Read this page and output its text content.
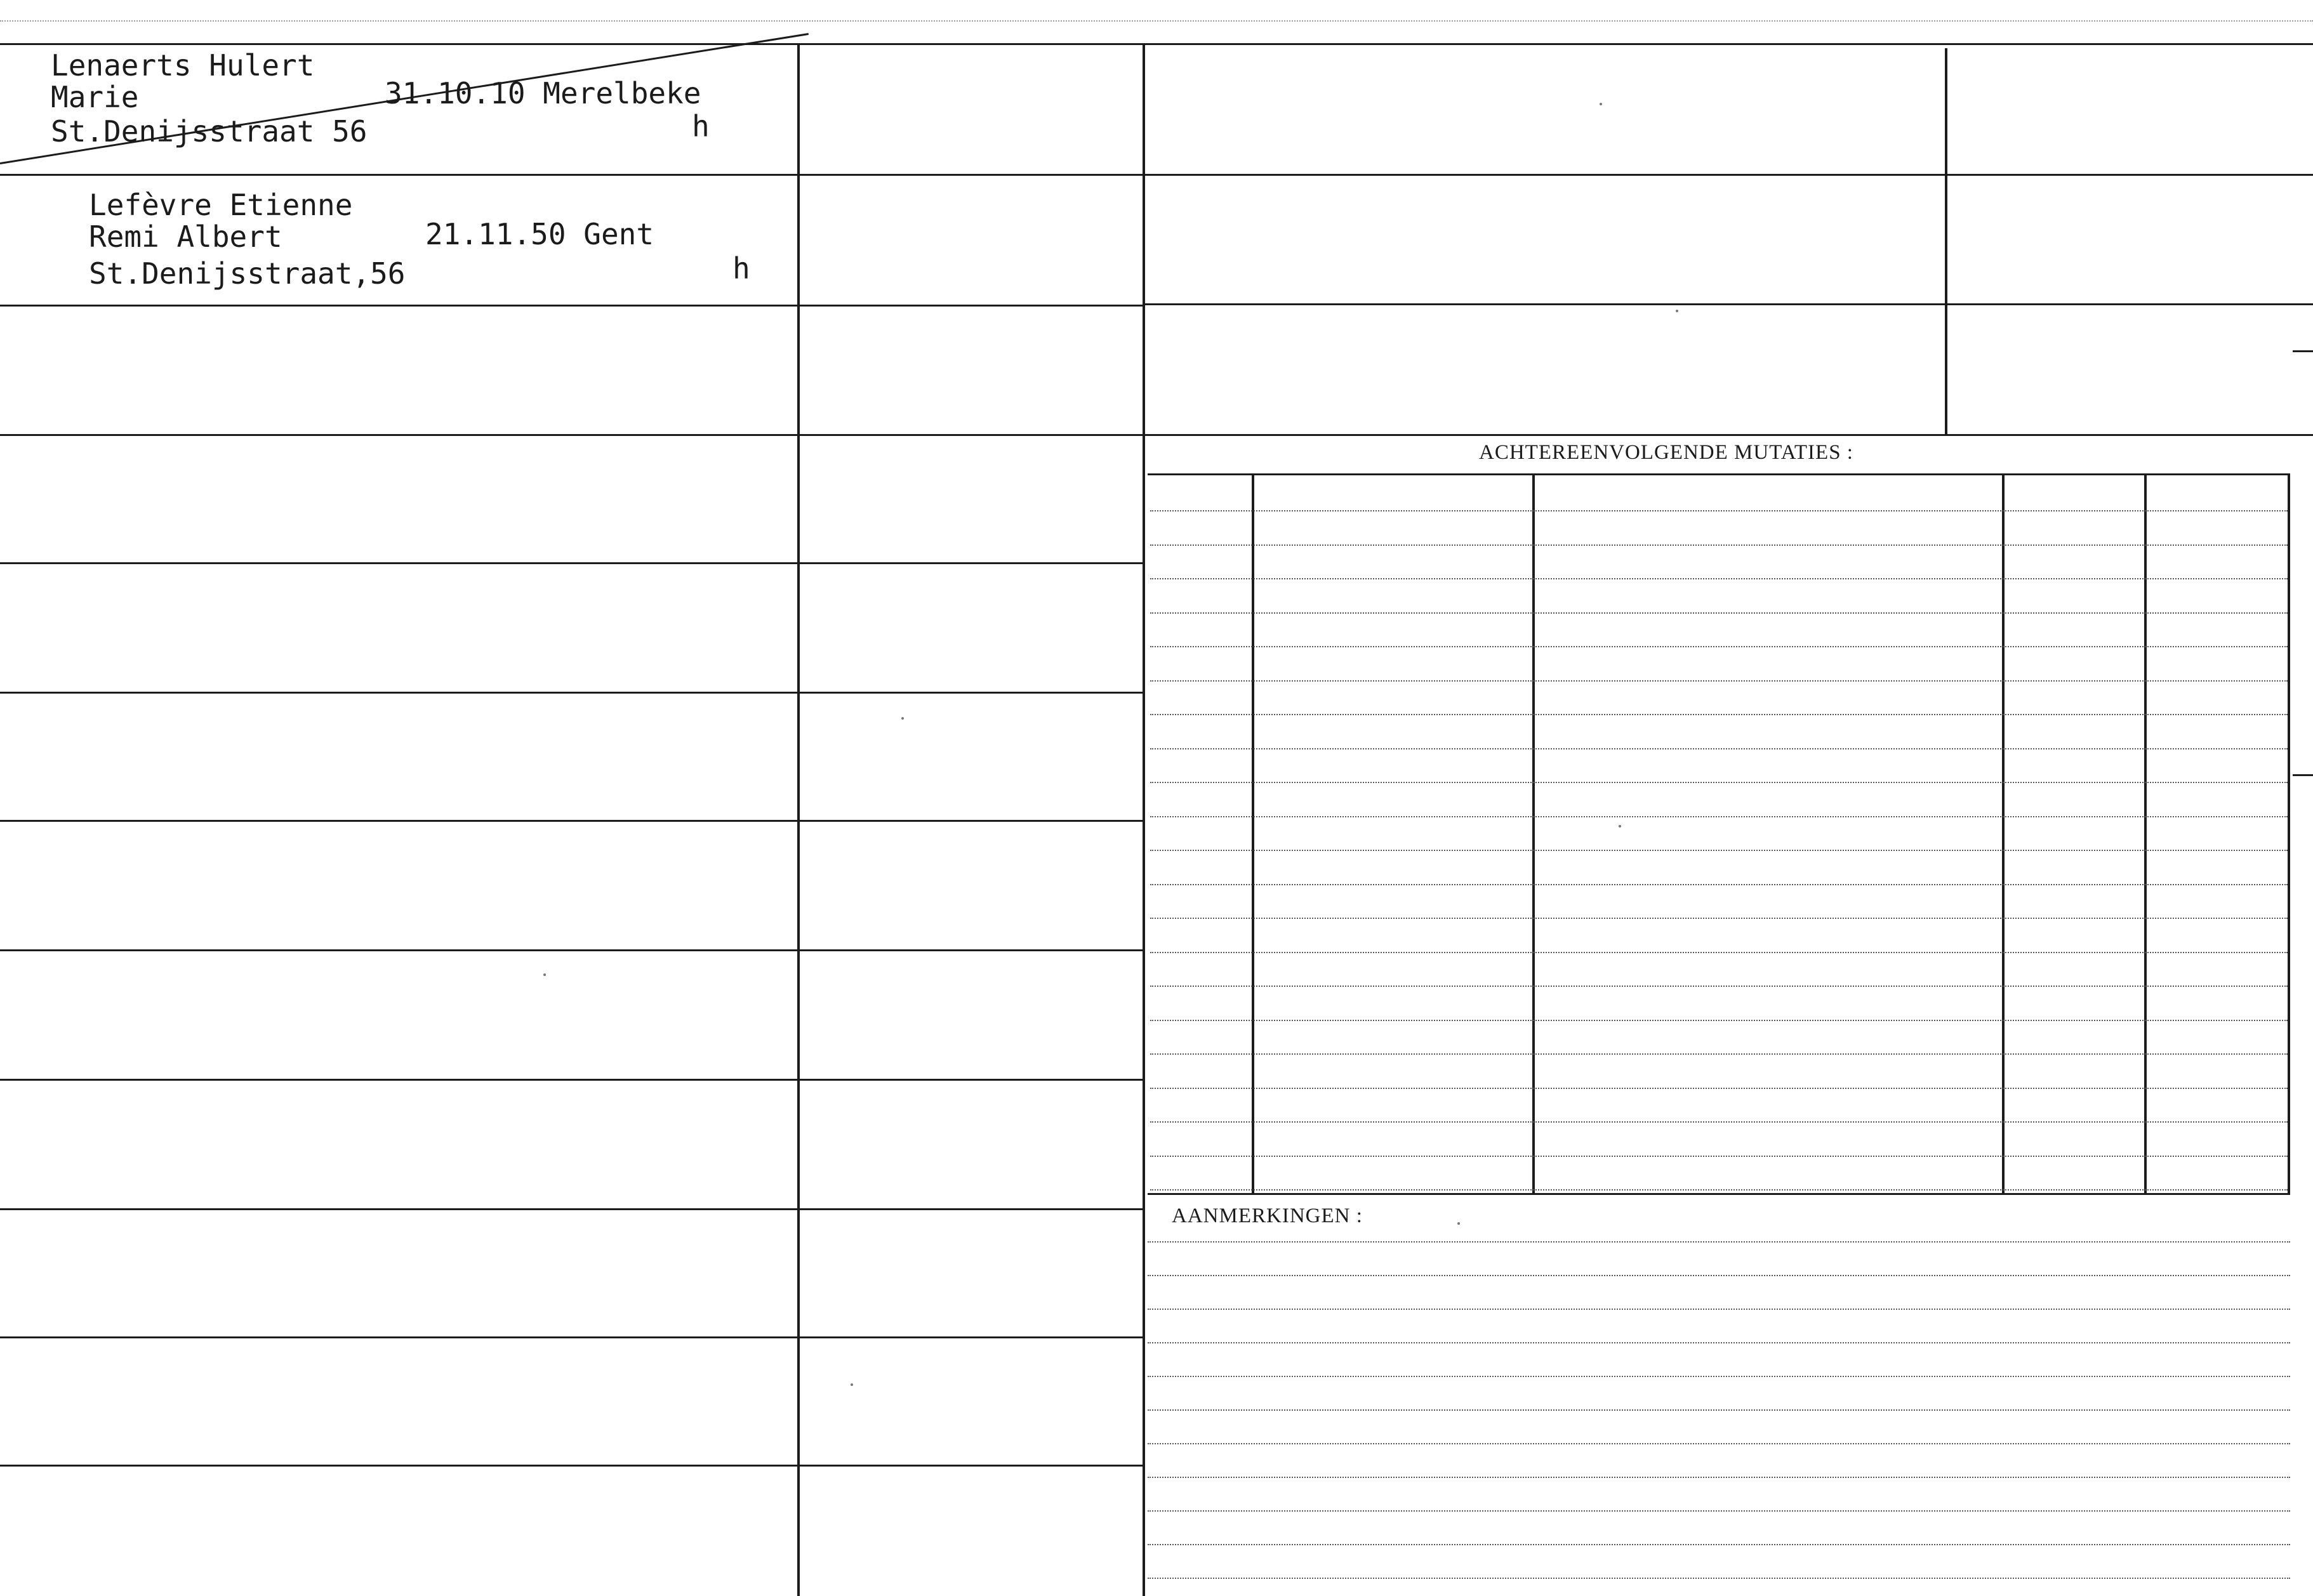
Lenaerts Hulert
Marie	31.10.10 Merelbeke
St.Denijsstraat 56	h
Lefèvre Etienne
Remi Albert	21.11.50 Gent
St.Denijsstraat,56	h
ACHTEREENVOLGENDE MUTATIES :
AANMERKINGEN :
